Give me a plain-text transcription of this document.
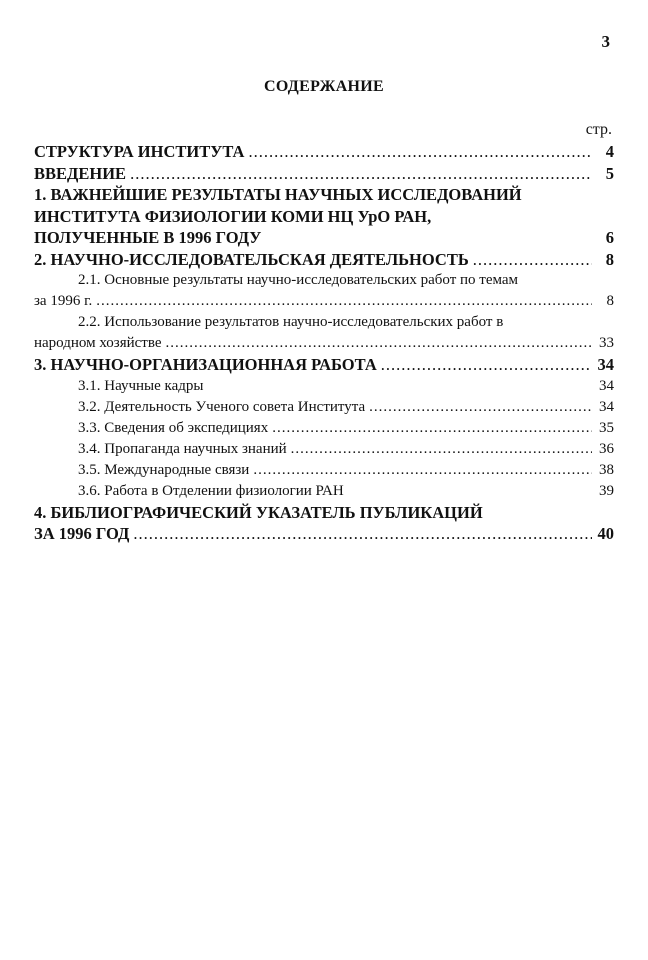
3
СОДЕРЖАНИЕ
стр.
СТРУКТУРА ИНСТИТУТА .....	4
ВВЕДЕНИЕ .....	5
1. ВАЖНЕЙШИЕ РЕЗУЛЬТАТЫ НАУЧНЫХ ИССЛЕДОВАНИЙ
ИНСТИТУТА ФИЗИОЛОГИИ КОМИ НЦ УрО РАН,
ПОЛУЧЕННЫЕ В 1996 ГОДУ	6
2. НАУЧНО-ИССЛЕДОВАТЕЛЬСКАЯ ДЕЯТЕЛЬНОСТЬ .....	8
2.1. Основные результаты научно-исследовательских работ по темам
за 1996 г. .....	8
2.2. Использование результатов научно-исследовательских работ в
народном хозяйстве .....	33
3. НАУЧНО-ОРГАНИЗАЦИОННАЯ РАБОТА .....	34
3.1. Научные кадры	34
3.2. Деятельность Ученого совета Института .....	34
3.3. Сведения об экспедициях .....	35
3.4. Пропаганда научных знаний .....	36
3.5. Международные связи .....	38
3.6. Работа в Отделении физиологии РАН	39
4. БИБЛИОГРАФИЧЕСКИЙ УКАЗАТЕЛЬ ПУБЛИКАЦИЙ
ЗА 1996 ГОД .....	40
